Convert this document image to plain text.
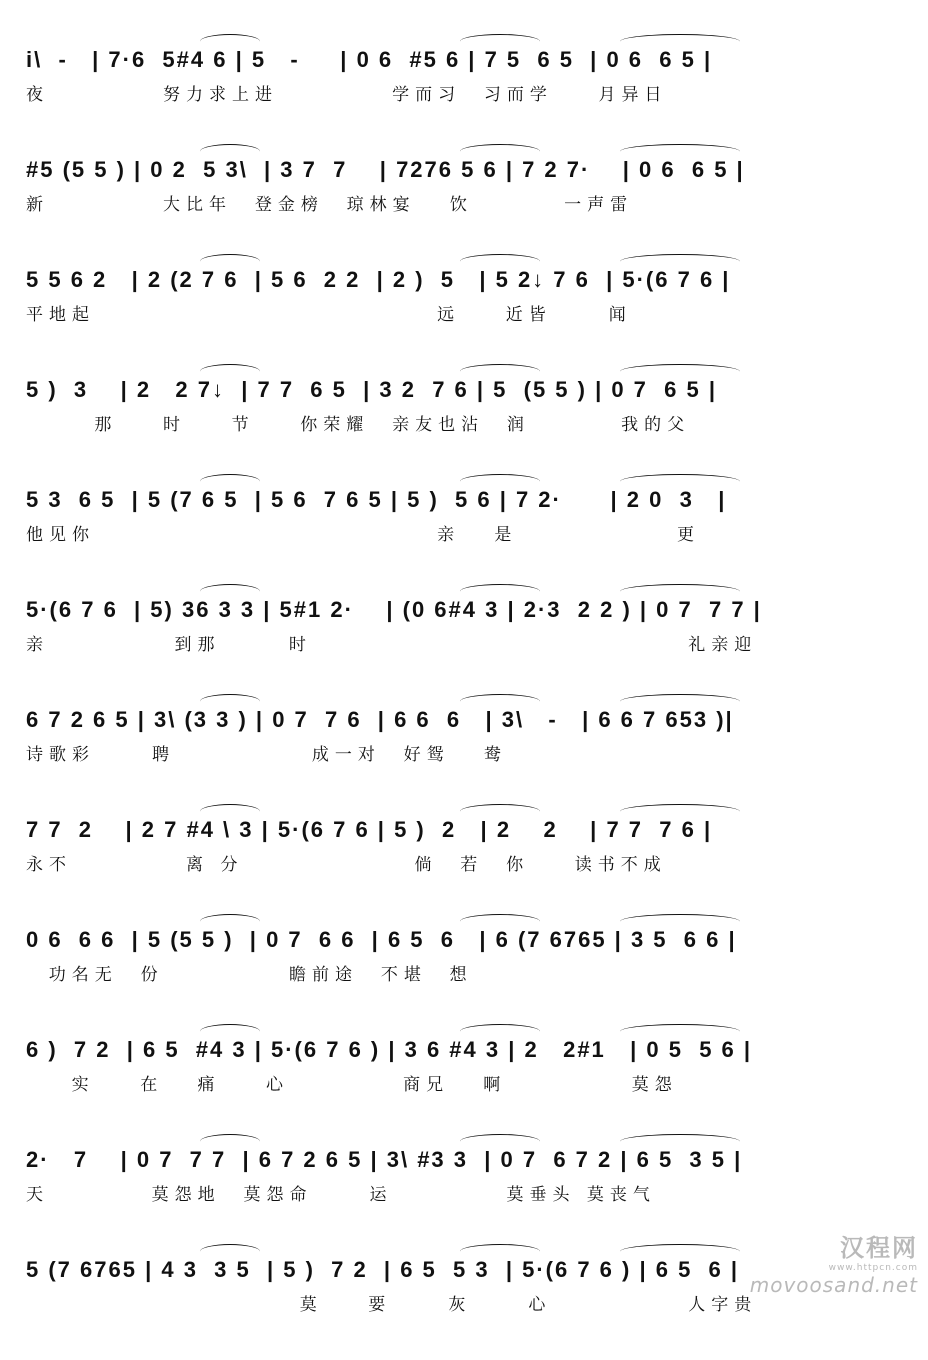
i\  -   | 7·6  5#4 6 | 5   -     | 0 6  #5 6 | 7 5  6 5  | 0 6  6 5 |
夜          努力求上进          学而习  习而学    月异日
#5 (5 5 ) | 0 2  5 3\  | 3 7  7    | 7276 5 6 | 7 2 7·    | 0 6  6 5 |
新          大比年  登金榜  琼林宴   饮        一声雷
5 5 6 2   | 2 (2 7 6  | 5 6  2 2  | 2 )  5   | 5 2↓ 7 6  | 5·(6 7 6 |
平地起                              远    近皆     闻
5 )  3    | 2   2 7↓  | 7 7  6 5  | 3 2  7 6 | 5  (5 5 ) | 0 7  6 5 |
那    时    节    你荣耀  亲友也沾  润        我的父
5 3  6 5  | 5 (7 6 5  | 5 6  7 6 5 | 5 )  5 6 | 7 2·      | 2 0  3   |
他见你                              亲   是              更
5·(6 7 6  | 5) 36 3 3 | 5#1 2·    | (0 6#4 3 | 2·3  2 2 ) | 0 7  7 7 |
亲           到那      时                                 礼亲迎
6 7 2 6 5 | 3\ (3 3 ) | 0 7  7 6  | 6 6  6   | 3\   -   | 6 6 7 653 )|
诗歌彩     聘            成一对  好鸳   鸯
7 7  2    | 2 7 #4 \ 3 | 5·(6 7 6 | 5 )  2   | 2    2    | 7 7  7 6 |
永不          离 分               倘  若  你    读书不成
0 6  6 6  | 5 (5 5 )  | 0 7  6 6  | 6 5  6   | 6 (7 6765 | 3 5  6 6 |
功名无  份           瞻前途  不堪  想
6 )  7 2  | 6 5  #4 3 | 5·(6 7 6 ) | 3 6 #4 3 | 2   2#1   | 0 5  5 6 |
实    在   痛    心          商兄   啊           莫怨
2·   7    | 0 7  7 7  | 6 7 2 6 5 | 3\ #3 3  | 0 7  6 7 2 | 6 5  3 5 |
天         莫怨地  莫怨命     运          莫垂头 莫丧气
5 (7 6765 | 4 3  3 5  | 5 )  7 2  | 6 5  5 3  | 5·(6 7 6 ) | 6 5  6 |
莫    要     灰     心            人字贵
汉程网
www.httpcn.com
movoosand.net
